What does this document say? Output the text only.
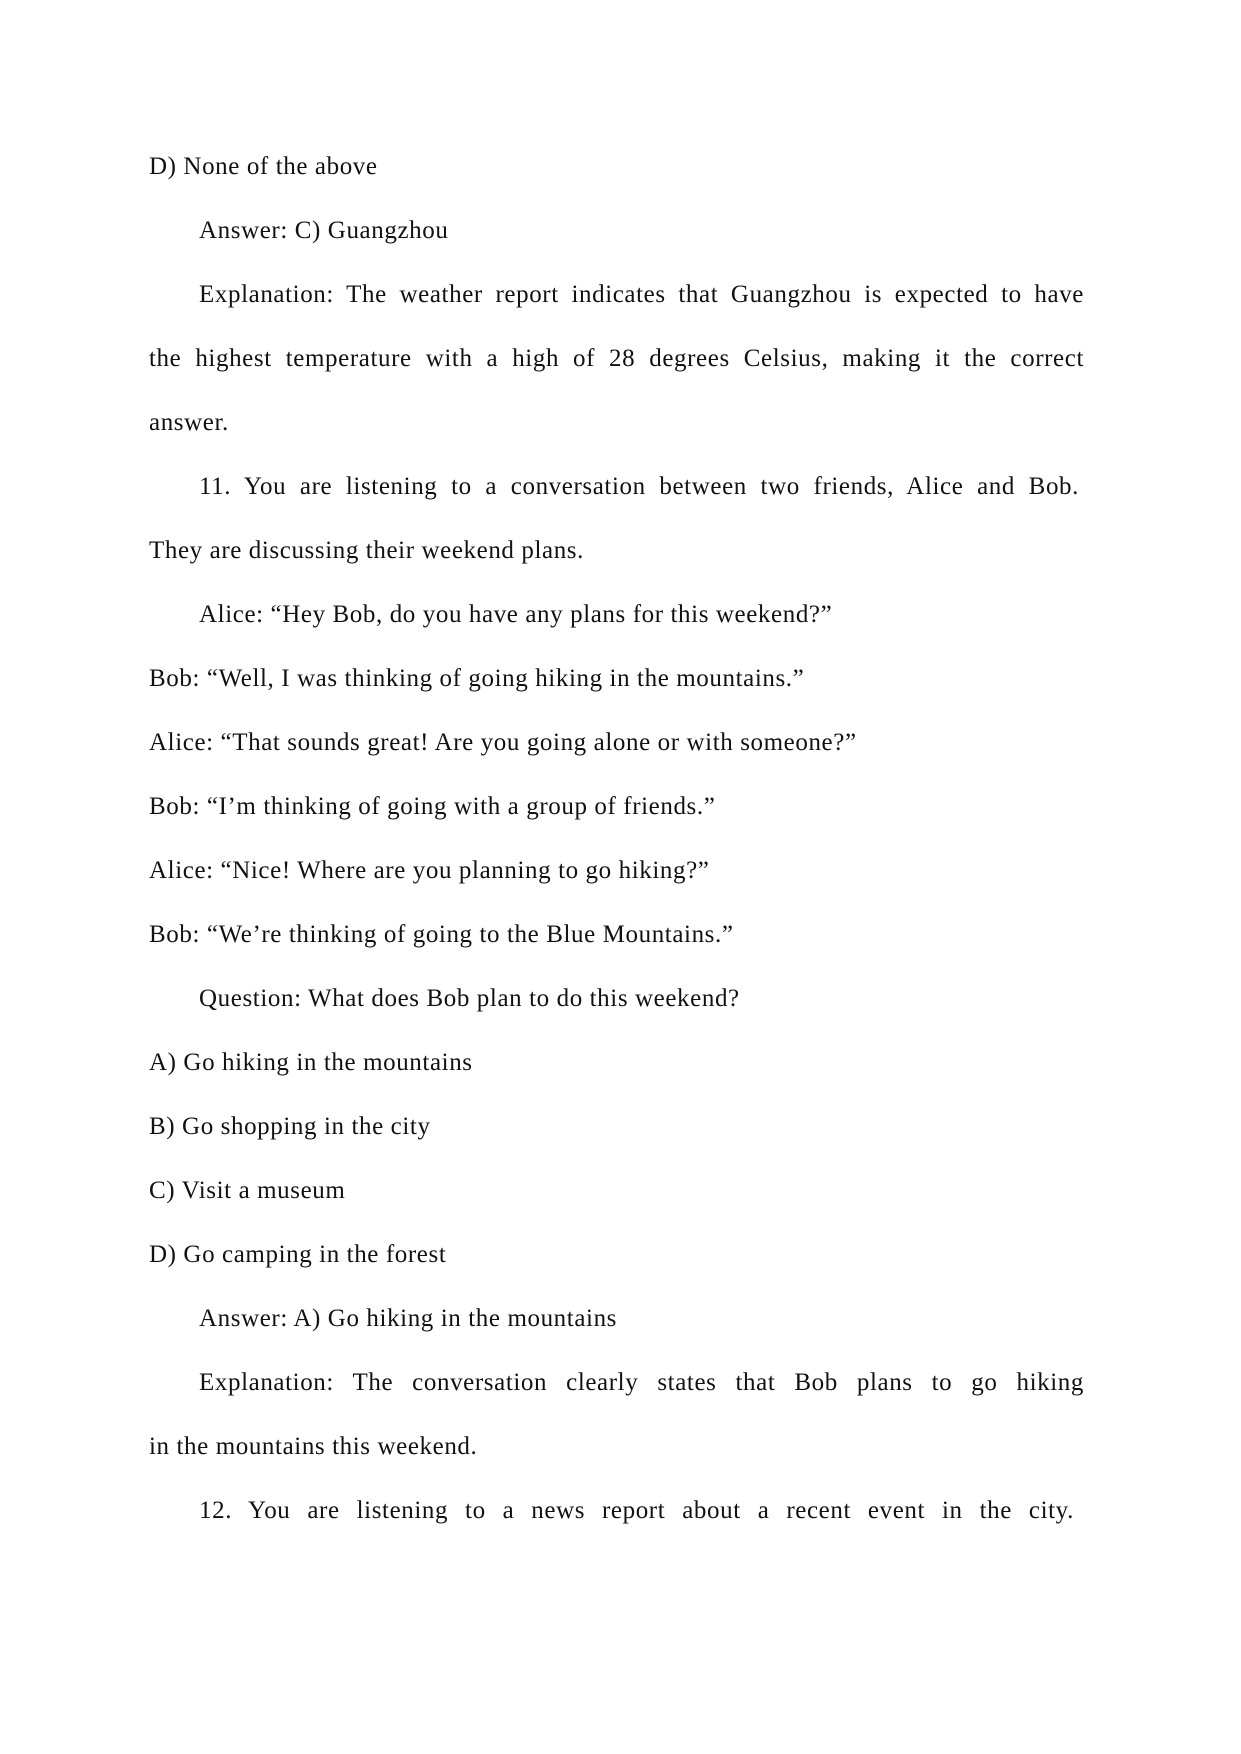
D) None of the above
Answer: C) Guangzhou
Explanation: The weather report indicates that Guangzhou is expected to have
the highest temperature with a high of 28 degrees Celsius, making it the correct
answer.
11. You are listening to a conversation between two friends, Alice and Bob.
They are discussing their weekend plans.
Alice: “Hey Bob, do you have any plans for this weekend?”
Bob: “Well, I was thinking of going hiking in the mountains.”
Alice: “That sounds great! Are you going alone or with someone?”
Bob: “I’m thinking of going with a group of friends.”
Alice: “Nice! Where are you planning to go hiking?”
Bob: “We’re thinking of going to the Blue Mountains.”
Question: What does Bob plan to do this weekend?
A) Go hiking in the mountains
B) Go shopping in the city
C) Visit a museum
D) Go camping in the forest
Answer: A) Go hiking in the mountains
Explanation: The conversation clearly states that Bob plans to go hiking
in the mountains this weekend.
12. You are listening to a news report about a recent event in the city.
